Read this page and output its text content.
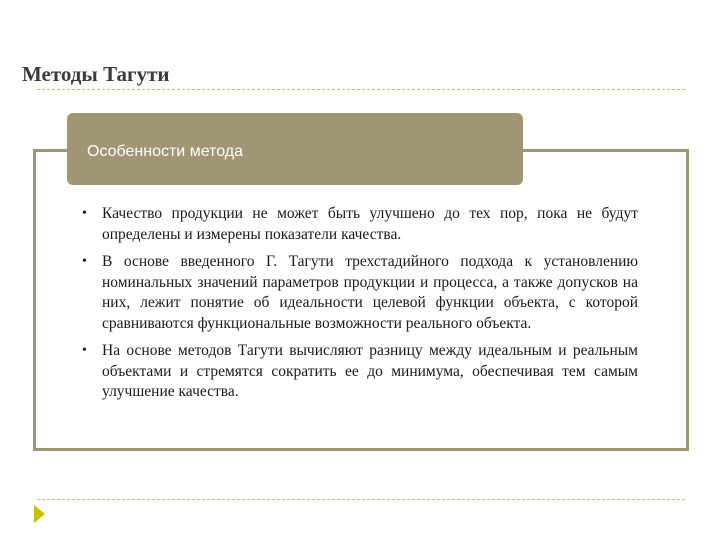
Методы Тагути
Особенности метода
• Качество продукции не может быть улучшено до тех пор, пока не будут определены и измерены показатели качества.
• В основе введенного Г. Тагути трехстадийного подхода к установлению номинальных значений параметров продукции и процесса, а также допусков на них, лежит понятие об идеальности целевой функции объекта, с которой сравниваются функциональные возможности реального объекта.
• На основе методов Тагути вычисляют разницу между идеальным и реальным объектами и стремятся сократить ее до минимума, обеспечивая тем самым улучшение качества.
